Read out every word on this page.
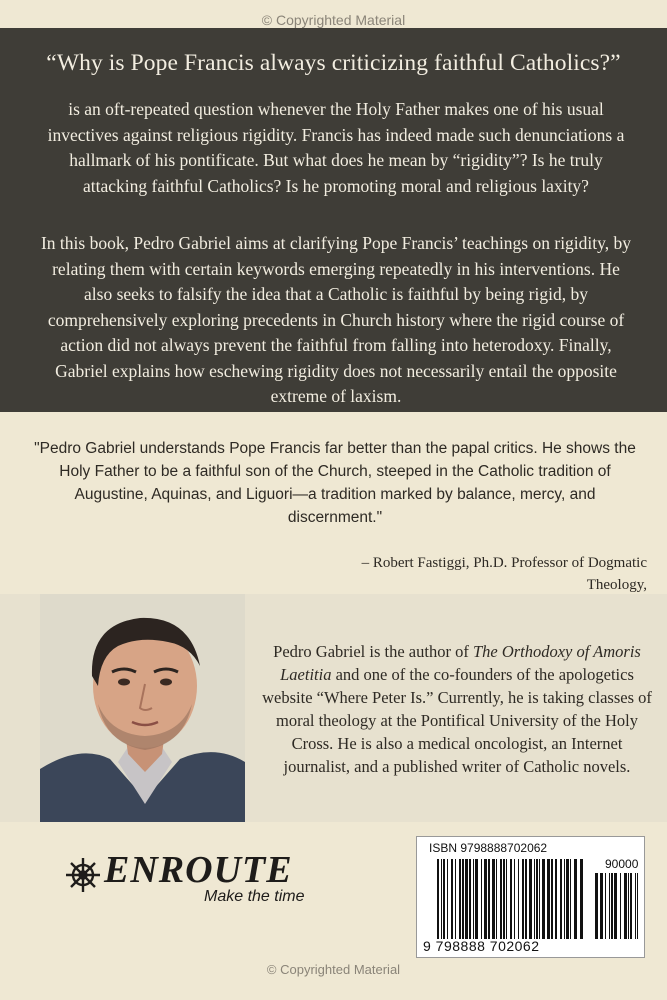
© Copyrighted Material
“Why is Pope Francis always criticizing faithful Catholics?”
is an oft-repeated question whenever the Holy Father makes one of his usual invectives against religious rigidity. Francis has indeed made such denunciations a hallmark of his pontificate. But what does he mean by “rigidity”? Is he truly attacking faithful Catholics? Is he promoting moral and religious laxity?
In this book, Pedro Gabriel aims at clarifying Pope Francis’ teachings on rigidity, by relating them with certain keywords emerging repeatedly in his interventions. He also seeks to falsify the idea that a Catholic is faithful by being rigid, by comprehensively exploring precedents in Church history where the rigid course of action did not always prevent the faithful from falling into heterodoxy. Finally, Gabriel explains how eschewing rigidity does not necessarily entail the opposite extreme of laxism.
"Pedro Gabriel understands Pope Francis far better than the papal critics. He shows the Holy Father to be a faithful son of the Church, steeped in the Catholic tradition of Augustine, Aquinas, and Liguori—a tradition marked by balance, mercy, and discernment."
– Robert Fastiggi, Ph.D. Professor of Dogmatic Theology,
Pedro Gabriel is the author of The Orthodoxy of Amoris Laetitia and one of the co-founders of the apologetics website “Where Peter Is.” Currently, he is taking classes of moral theology at the Pontifical University of the Holy Cross. He is also a medical oncologist, an Internet journalist, and a published writer of Catholic novels.
ENROUTE
Make the time
ISBN 9798888702062
90000
9 798888 702062
© Copyrighted Material
